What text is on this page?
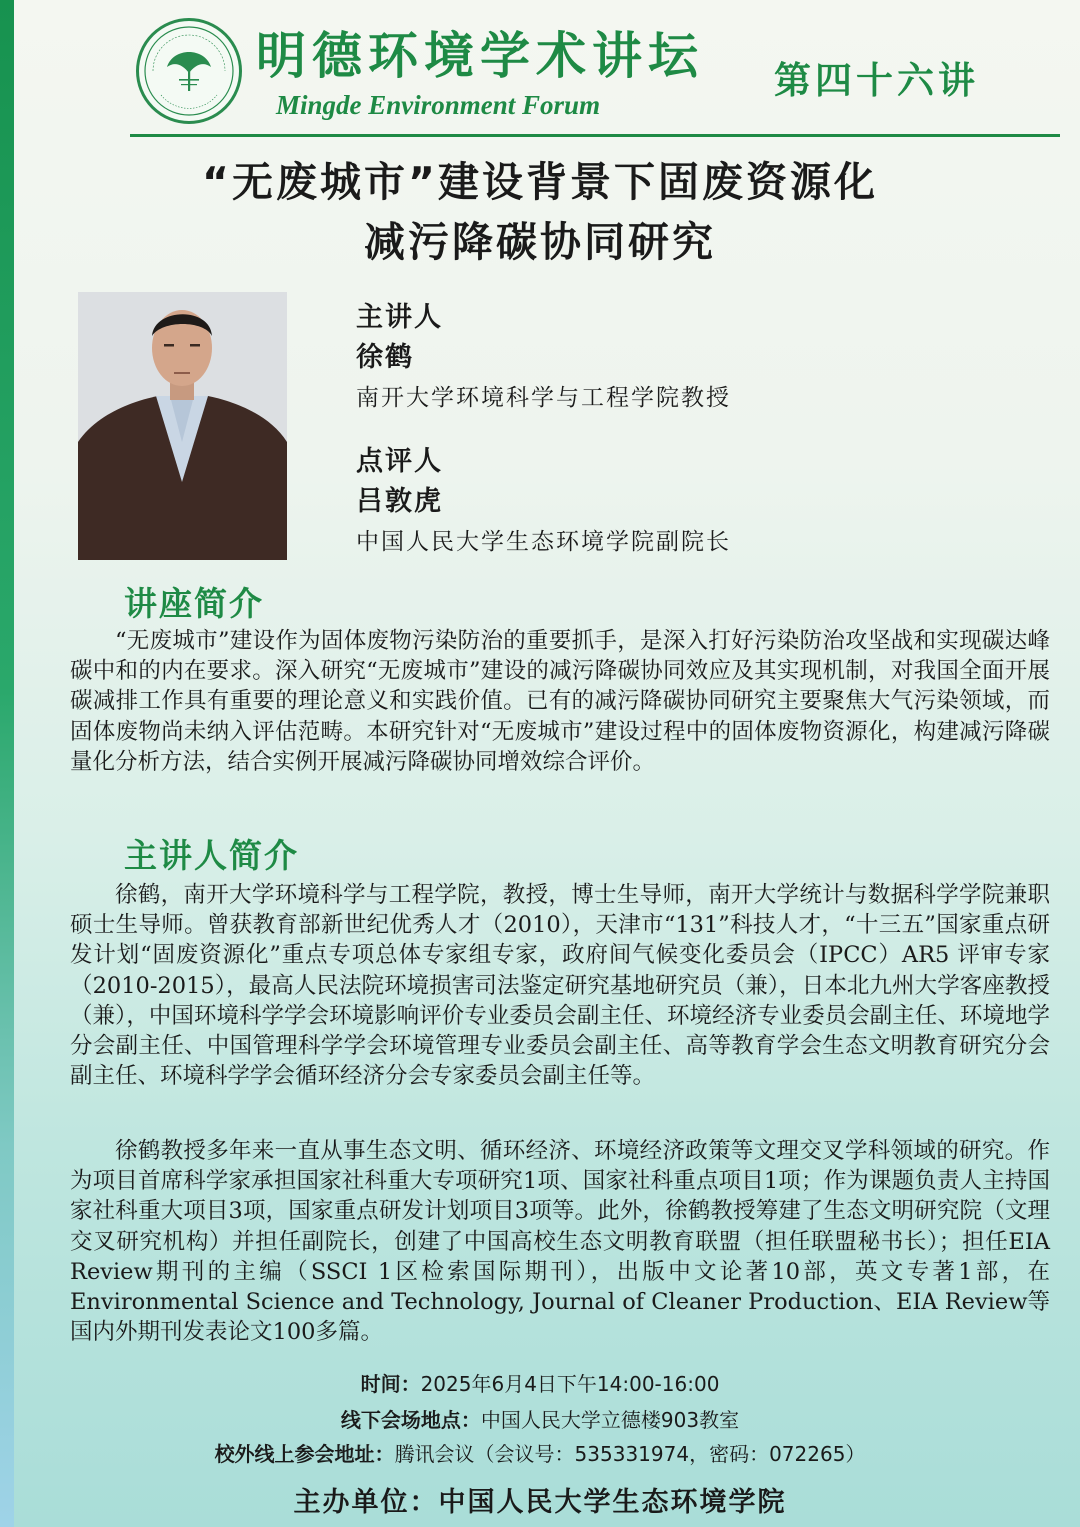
明德环境学术讲坛
Mingde Environment Forum
第四十六讲
“无废城市”建设背景下固废资源化
减污降碳协同研究
主讲人
徐鹤
南开大学环境科学与工程学院教授
点评人
吕敦虎
中国人民大学生态环境学院副院长
讲座简介

“无废城市”建设作为固体废物污染防治的重要抓手，是深入打好污染防治攻坚战和实现碳达峰碳中和的内在要求。深入研究“无废城市”建设的减污降碳协同效应及其实现机制，对我国全面开展碳减排工作具有重要的理论意义和实践价值。已有的减污降碳协同研究主要聚焦大气污染领域，而固体废物尚未纳入评估范畴。本研究针对“无废城市”建设过程中的固体废物资源化，构建减污降碳量化分析方法，结合实例开展减污降碳协同增效综合评价。

主讲人简介

徐鹤，南开大学环境科学与工程学院，教授，博士生导师，南开大学统计与数据科学学院兼职硕士生导师。曾获教育部新世纪优秀人才（2010），天津市“131”科技人才，“十三五”国家重点研发计划“固废资源化”重点专项总体专家组专家，政府间气候变化委员会（IPCC）AR5 评审专家（2010-2015），最高人民法院环境损害司法鉴定研究基地研究员（兼），日本北九州大学客座教授（兼），中国环境科学学会环境影响评价专业委员会副主任、环境经济专业委员会副主任、环境地学分会副主任、中国管理科学学会环境管理专业委员会副主任、高等教育学会生态文明教育研究分会副主任、环境科学学会循环经济分会专家委员会副主任等。

徐鹤教授多年来一直从事生态文明、循环经济、环境经济政策等文理交叉学科领域的研究。作为项目首席科学家承担国家社科重大专项研究1项、国家社科重点项目1项；作为课题负责人主持国家社科重大项目3项，国家重点研发计划项目3项等。此外，徐鹤教授筹建了生态文明研究院（文理交叉研究机构）并担任副院长，创建了中国高校生态文明教育联盟（担任联盟秘书长）；担任EIA Review期刊的主编（SSCI 1区检索国际期刊），出版中文论著10部，英文专著1部，在Environmental Science and Technology, Journal of Cleaner Production、EIA Review等国内外期刊发表论文100多篇。

时间：2025年6月4日下午14:00-16:00
线下会场地点：中国人民大学立德楼903教室
校外线上参会地址：腾讯会议（会议号：535331974，密码：072265）
主办单位：中国人民大学生态环境学院
